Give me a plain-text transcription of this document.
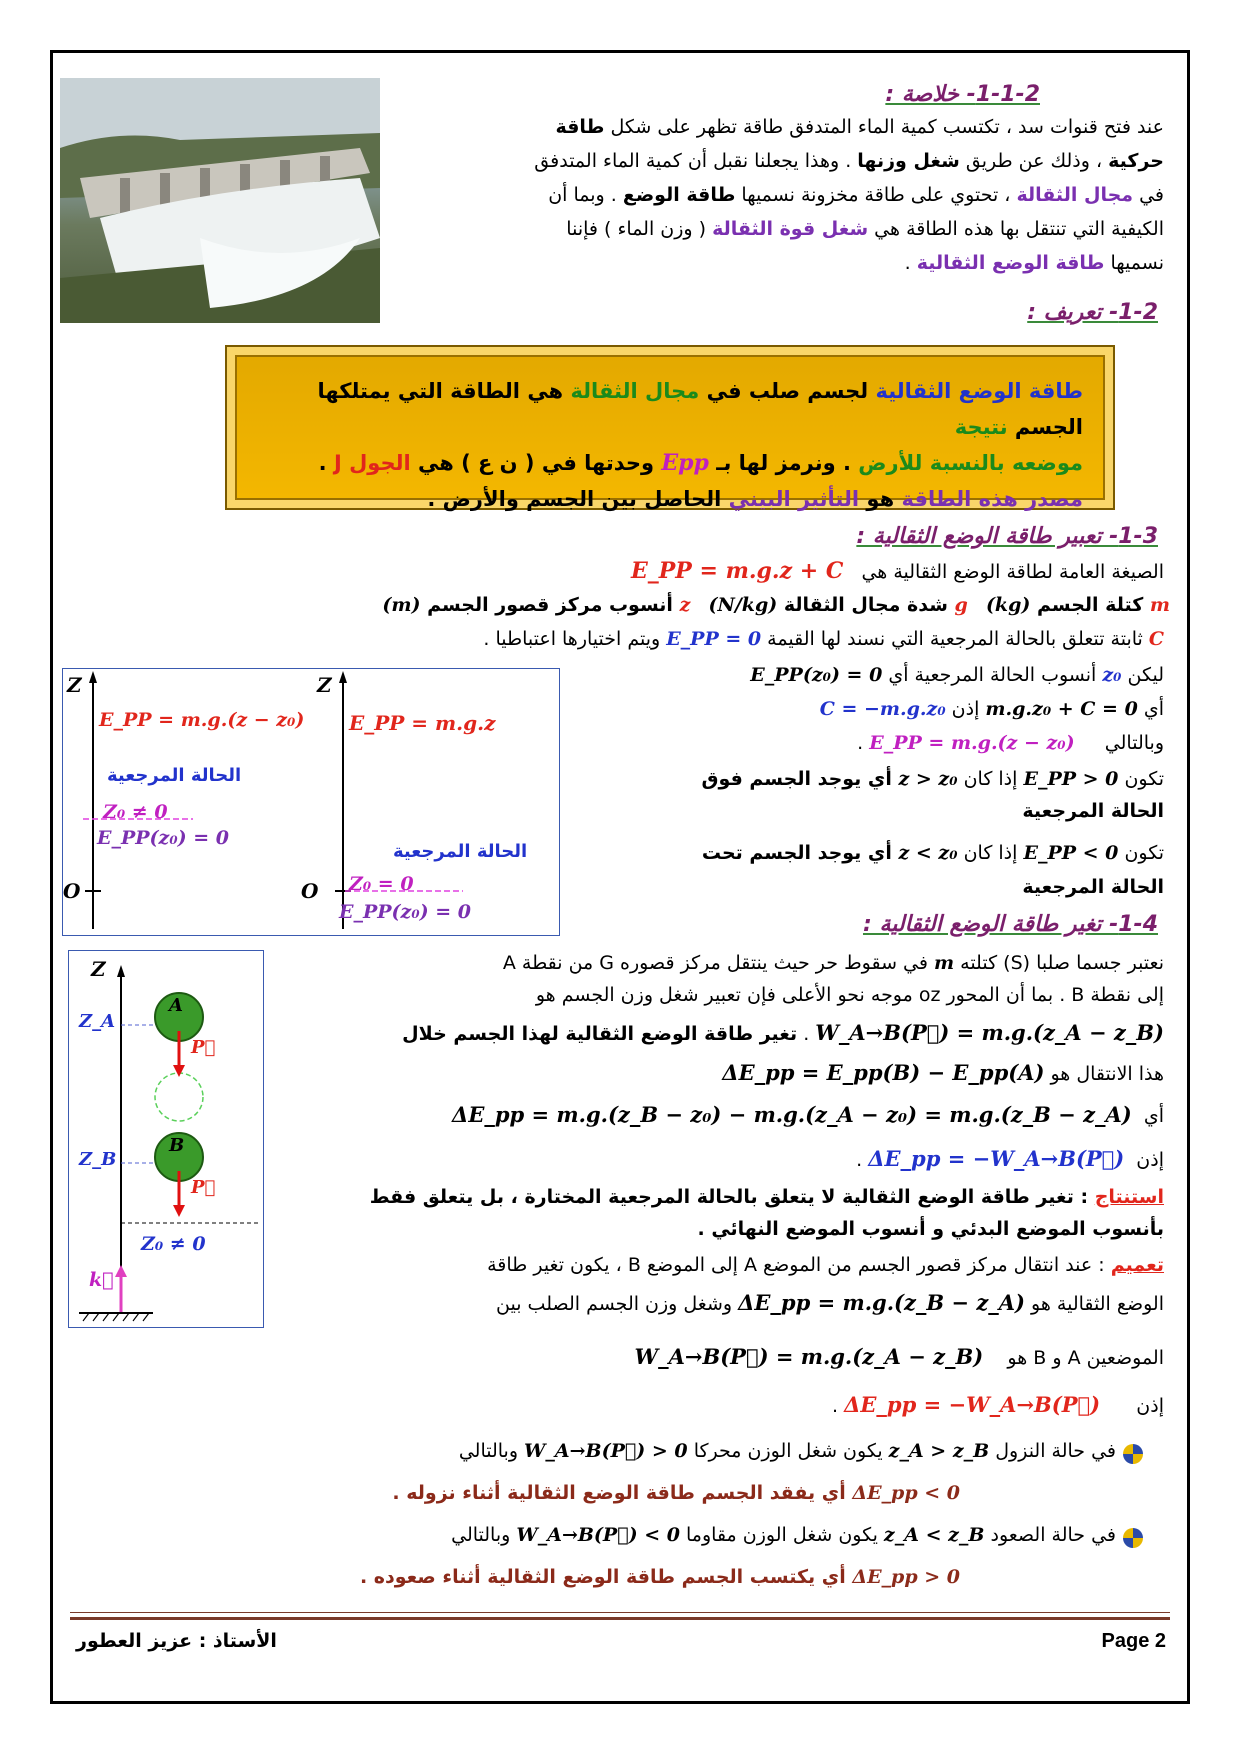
1-1-2- خلاصة :
عند فتح قنوات سد ، تكتسب كمية الماء المتدفق طاقة تظهر على شكل طاقة
حركية ، وذلك عن طريق شغل وزنها . وهذا يجعلنا نقبل أن كمية الماء المتدفق
في مجال الثقالة ، تحتوي على طاقة مخزونة نسميها طاقة الوضع . وبما أن
الكيفية التي تنتقل بها هذه الطاقة هي شغل قوة الثقالة ( وزن الماء ) فإننا
نسميها طاقة الوضع الثقالية .
1-2- تعريف :
طاقة الوضع الثقالية لجسم صلب في مجال الثقالة هي الطاقة التي يمتلكها الجسم نتيجة
موضعه بالنسبة للأرض . ونرمز لها بـ Epp وحدتها في ( ن ع ) هي الجول J .
مصدر هذه الطاقة هو التأثير البيني الحاصل بين الجسم والأرض .
1-3- تعبير طاقة الوضع الثقالية :
الصيغة العامة لطاقة الوضع الثقالية هي   E_PP = m.g.z + C
m كتلة الجسم (kg)   g شدة مجال الثقالة (N/kg)   z أنسوب مركز قصور الجسم (m)
C ثابتة تتعلق بالحالة المرجعية التي نسند لها القيمة E_PP = 0 ويتم اختيارها اعتباطيا .
ليكن z₀ أنسوب الحالة المرجعية أي E_PP(z₀) = 0
أي m.g.z₀ + C = 0 إذن C = −m.g.z₀
وبالتالي     E_PP = m.g.(z − z₀) .
تكون E_PP > 0 إذا كان z > z₀ أي يوجد الجسم فوق
الحالة المرجعية
تكون E_PP < 0 إذا كان z < z₀ أي يوجد الجسم تحت
الحالة المرجعية
Z	Z
O	O
E_PP = m.g.(z − z₀) E_PP = m.g.z
الحالة المرجعية
Z₀ ≠ 0
E_PP(z₀) = 0
الحالة المرجعية
Z₀ = 0
E_PP(z₀) = 0	1-4- تغير طاقة الوضع الثقالية :
نعتبر جسما صلبا (S) كتلته m في سقوط حر حيث ينتقل مركز قصوره G من نقطة A
إلى نقطة B . بما أن المحور oz موجه نحو الأعلى فإن تعبير شغل وزن الجسم هو
W_A→B(P⃗) = m.g.(z_A − z_B) . تغير طاقة الوضع الثقالية لهذا الجسم خلال
هذا الانتقال هو ΔE_pp = E_pp(B) − E_pp(A)
أي  ΔE_pp = m.g.(z_B − z₀) − m.g.(z_A − z₀) = m.g.(z_B − z_A)
إذن  ΔE_pp = −W_A→B(P⃗) .
استنتاج : تغير طاقة الوضع الثقالية لا يتعلق بالحالة المرجعية المختارة ، بل يتعلق فقط
بأنسوب الموضع البدئي و أنسوب الموضع النهائي .
تعميم : عند انتقال مركز قصور الجسم من الموضع A إلى الموضع B ، يكون تغير طاقة
الوضع الثقالية هو ΔE_pp = m.g.(z_B − z_A) وشغل وزن الجسم الصلب بين
الموضعين A و B هو    W_A→B(P⃗) = m.g.(z_A − z_B)
إذن      ΔE_pp = −W_A→B(P⃗) .
في حالة النزول z_A > z_B يكون شغل الوزن محركا W_A→B(P⃗) > 0 وبالتالي
ΔE_pp < 0 أي يفقد الجسم طاقة الوضع الثقالية أثناء نزوله .
في حالة الصعود z_A < z_B يكون شغل الوزن مقاوما W_A→B(P⃗) < 0 وبالتالي
ΔE_pp > 0 أي يكتسب الجسم طاقة الوضع الثقالية أثناء صعوده .
Z
Z_A
Z_B
A
B
P⃗
P⃗
Z₀ ≠ 0
k⃗
الأستاذ : عزيز العطور	Page 2
